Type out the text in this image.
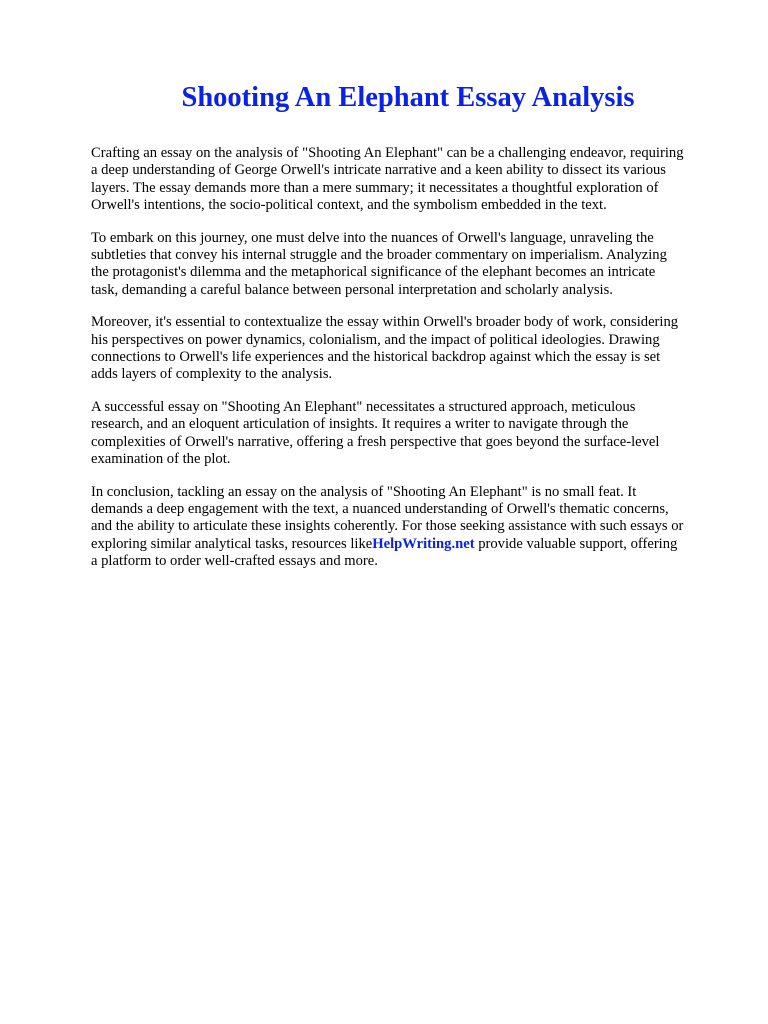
Shooting An Elephant Essay Analysis

Crafting an essay on the analysis of "Shooting An Elephant" can be a challenging endeavor, requiring
a deep understanding of George Orwell's intricate narrative and a keen ability to dissect its various
layers. The essay demands more than a mere summary; it necessitates a thoughtful exploration of
Orwell's intentions, the socio-political context, and the symbolism embedded in the text.

To embark on this journey, one must delve into the nuances of Orwell's language, unraveling the
subtleties that convey his internal struggle and the broader commentary on imperialism. Analyzing
the protagonist's dilemma and the metaphorical significance of the elephant becomes an intricate
task, demanding a careful balance between personal interpretation and scholarly analysis.

Moreover, it's essential to contextualize the essay within Orwell's broader body of work, considering
his perspectives on power dynamics, colonialism, and the impact of political ideologies. Drawing
connections to Orwell's life experiences and the historical backdrop against which the essay is set
adds layers of complexity to the analysis.

A successful essay on "Shooting An Elephant" necessitates a structured approach, meticulous
research, and an eloquent articulation of insights. It requires a writer to navigate through the
complexities of Orwell's narrative, offering a fresh perspective that goes beyond the surface-level
examination of the plot.

In conclusion, tackling an essay on the analysis of "Shooting An Elephant" is no small feat. It
demands a deep engagement with the text, a nuanced understanding of Orwell's thematic concerns,
and the ability to articulate these insights coherently. For those seeking assistance with such essays or
exploring similar analytical tasks, resources likeHelpWriting.net provide valuable support, offering
a platform to order well-crafted essays and more.
